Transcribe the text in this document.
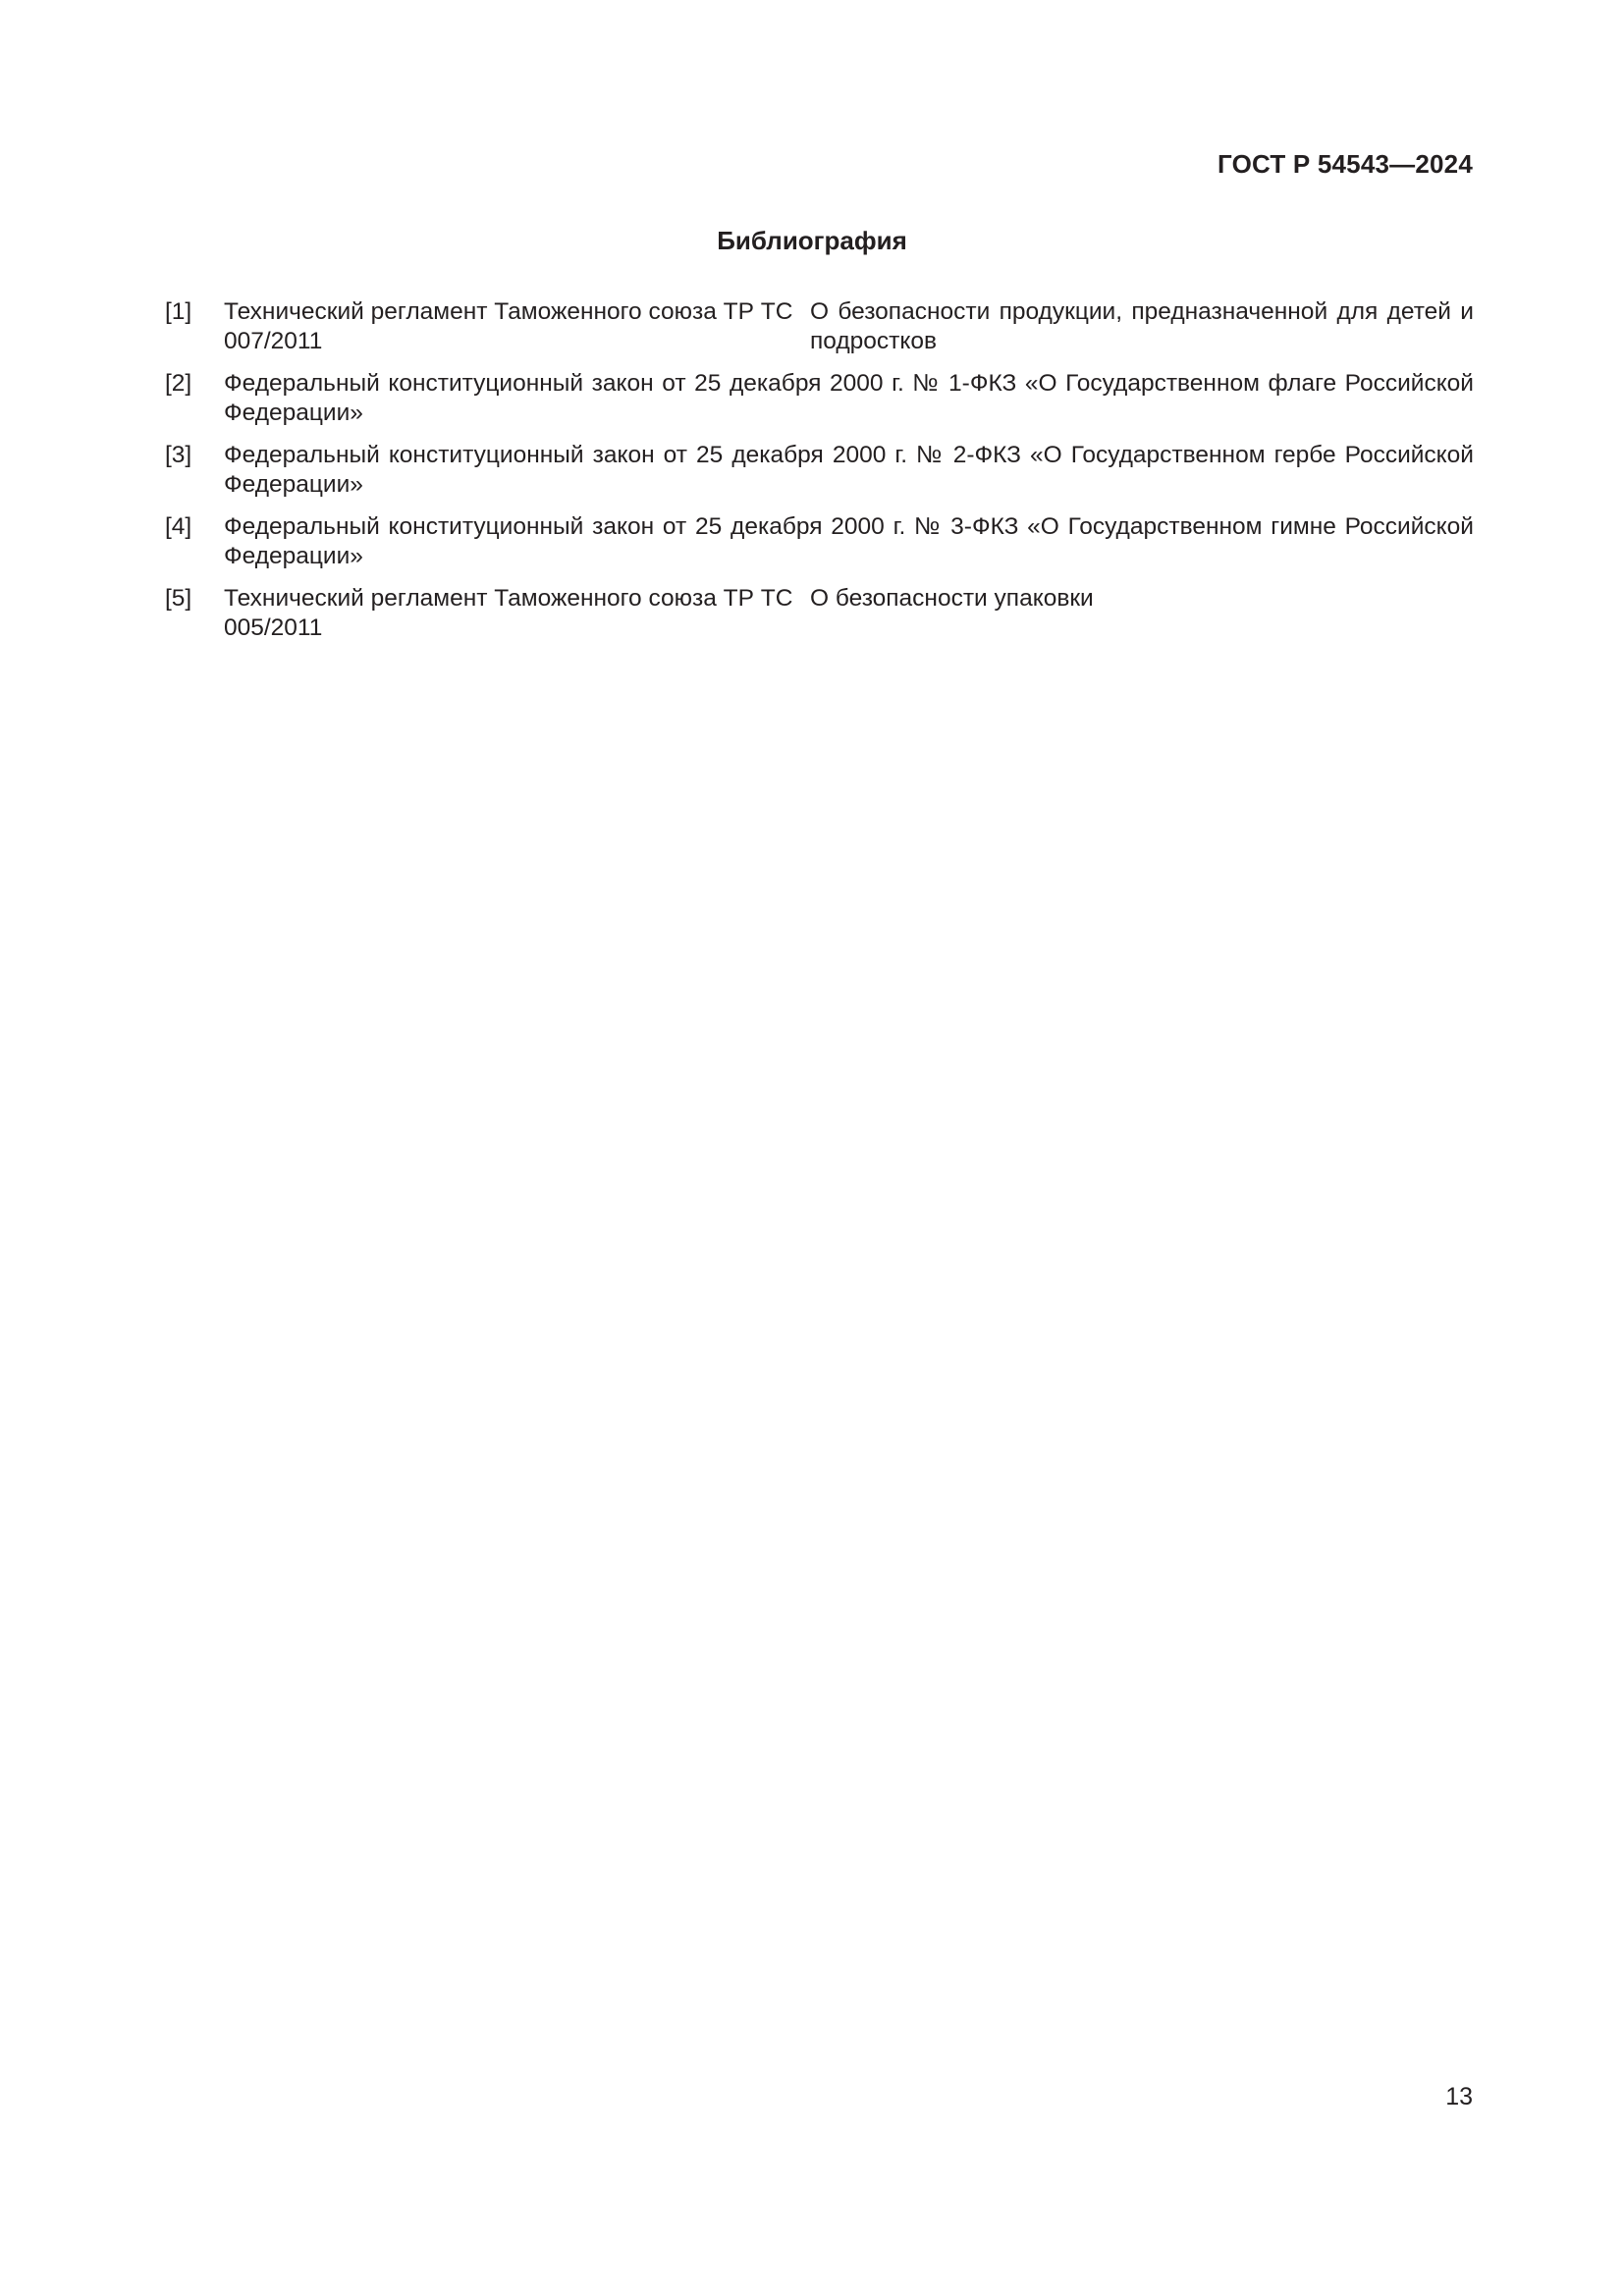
ГОСТ Р 54543—2024

Библиография
[1] Технический регламент Таможенного союза ТР ТС 007/2011
О безопасности продукции, предназначенной для детей и подростков
[2] Федеральный конституционный закон от 25 декабря 2000 г. № 1-ФКЗ «О Государственном флаге Российской Федерации»
[3] Федеральный конституционный закон от 25 декабря 2000 г. № 2-ФКЗ «О Государственном гербе Российской Федерации»
[4] Федеральный конституционный закон от 25 декабря 2000 г. № 3-ФКЗ «О Государственном гимне Российской Федерации»
[5] Технический регламент Таможенного союза ТР ТС 005/2011
О безопасности упаковки

13
